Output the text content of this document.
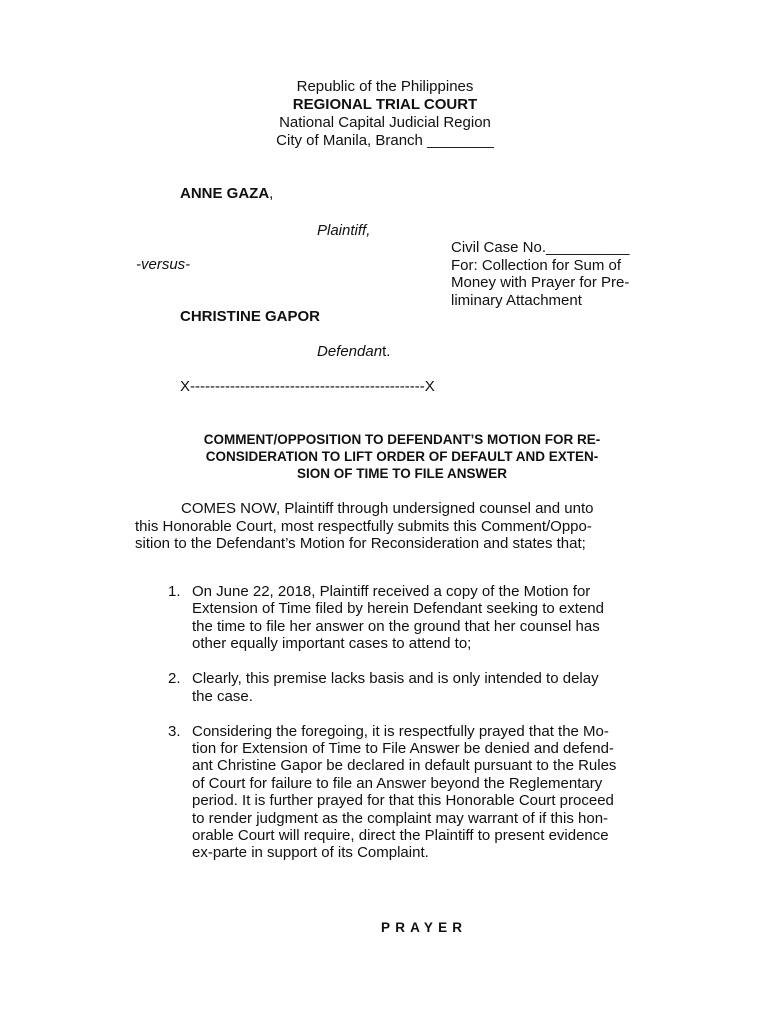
Republic of the Philippines
REGIONAL TRIAL COURT
National Capital Judicial Region
City of Manila, Branch ________
ANNE GAZA,
Plaintiff,
-versus-
Civil Case No.__________
For: Collection for Sum of
Money with Prayer for Pre-
liminary Attachment
CHRISTINE GAPOR
Defendant.
X-----------------------------------------------X
COMMENT/OPPOSITION TO DEFENDANT’S MOTION FOR RE-
CONSIDERATION TO LIFT ORDER OF DEFAULT AND EXTEN-
SION OF TIME TO FILE ANSWER
COMES NOW, Plaintiff through undersigned counsel and unto
this Honorable Court, most respectfully submits this Comment/Oppo-
sition to the Defendant’s Motion for Reconsideration and states that;
1. On June 22, 2018, Plaintiff received a copy of the Motion for
Extension of Time filed by herein Defendant seeking to extend
the time to file her answer on the ground that her counsel has
other equally important cases to attend to;
2. Clearly, this premise lacks basis and is only intended to delay
the case.
3. Considering the foregoing, it is respectfully prayed that the Mo-
tion for Extension of Time to File Answer be denied and defend-
ant Christine Gapor be declared in default pursuant to the Rules
of Court for failure to file an Answer beyond the Reglementary
period. It is further prayed for that this Honorable Court proceed
to render judgment as the complaint may warrant of if this hon-
orable Court will require, direct the Plaintiff to present evidence
ex-parte in support of its Complaint.
PRAYER
